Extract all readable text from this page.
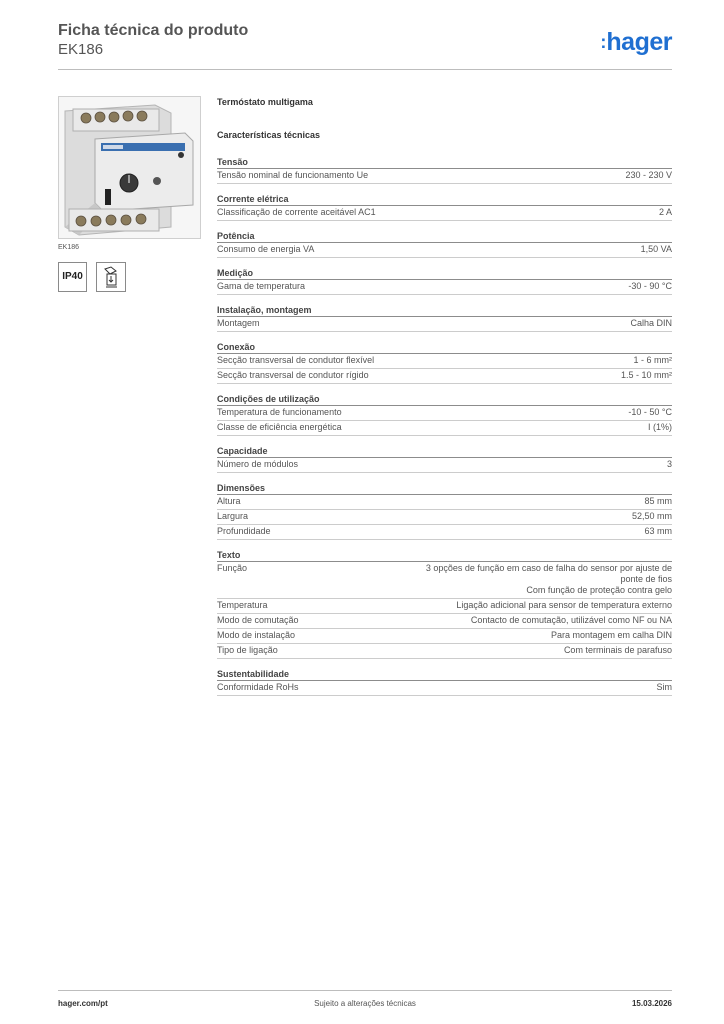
Ficha técnica do produto
EK186	:hager
EK186
IP40
Termóstato multigama
Características técnicas
Tensão
Tensão nominal de funcionamento Ue	230 - 230 V
Corrente elétrica
Classificação de corrente aceitável AC1	2 A
Potência
Consumo de energia VA	1,50 VA
Medição
Gama de temperatura	-30 - 90 °C
Instalação, montagem
Montagem	Calha DIN
Conexão
Secção transversal de condutor flexível	1 - 6 mm²
Secção transversal de condutor rígido	1.5 - 10 mm²
Condições de utilização
Temperatura de funcionamento	-10 - 50 °C
Classe de eficiência energética	I (1%)
Capacidade
Número de módulos	3
Dimensões
Altura	85 mm
Largura	52,50 mm
Profundidade	63 mm
Texto
Função	3 opções de função em caso de falha do sensor por ajuste de
ponte de fios
Com função de proteção contra gelo
Temperatura	Ligação adicional para sensor de temperatura externo
Modo de comutação	Contacto de comutação, utilizável como NF ou NA
Modo de instalação	Para montagem em calha DIN
Tipo de ligação	Com terminais de parafuso
Sustentabilidade
Conformidade RoHs	Sim
hager.com/pt	Sujeito a alterações técnicas	15.03.2026
